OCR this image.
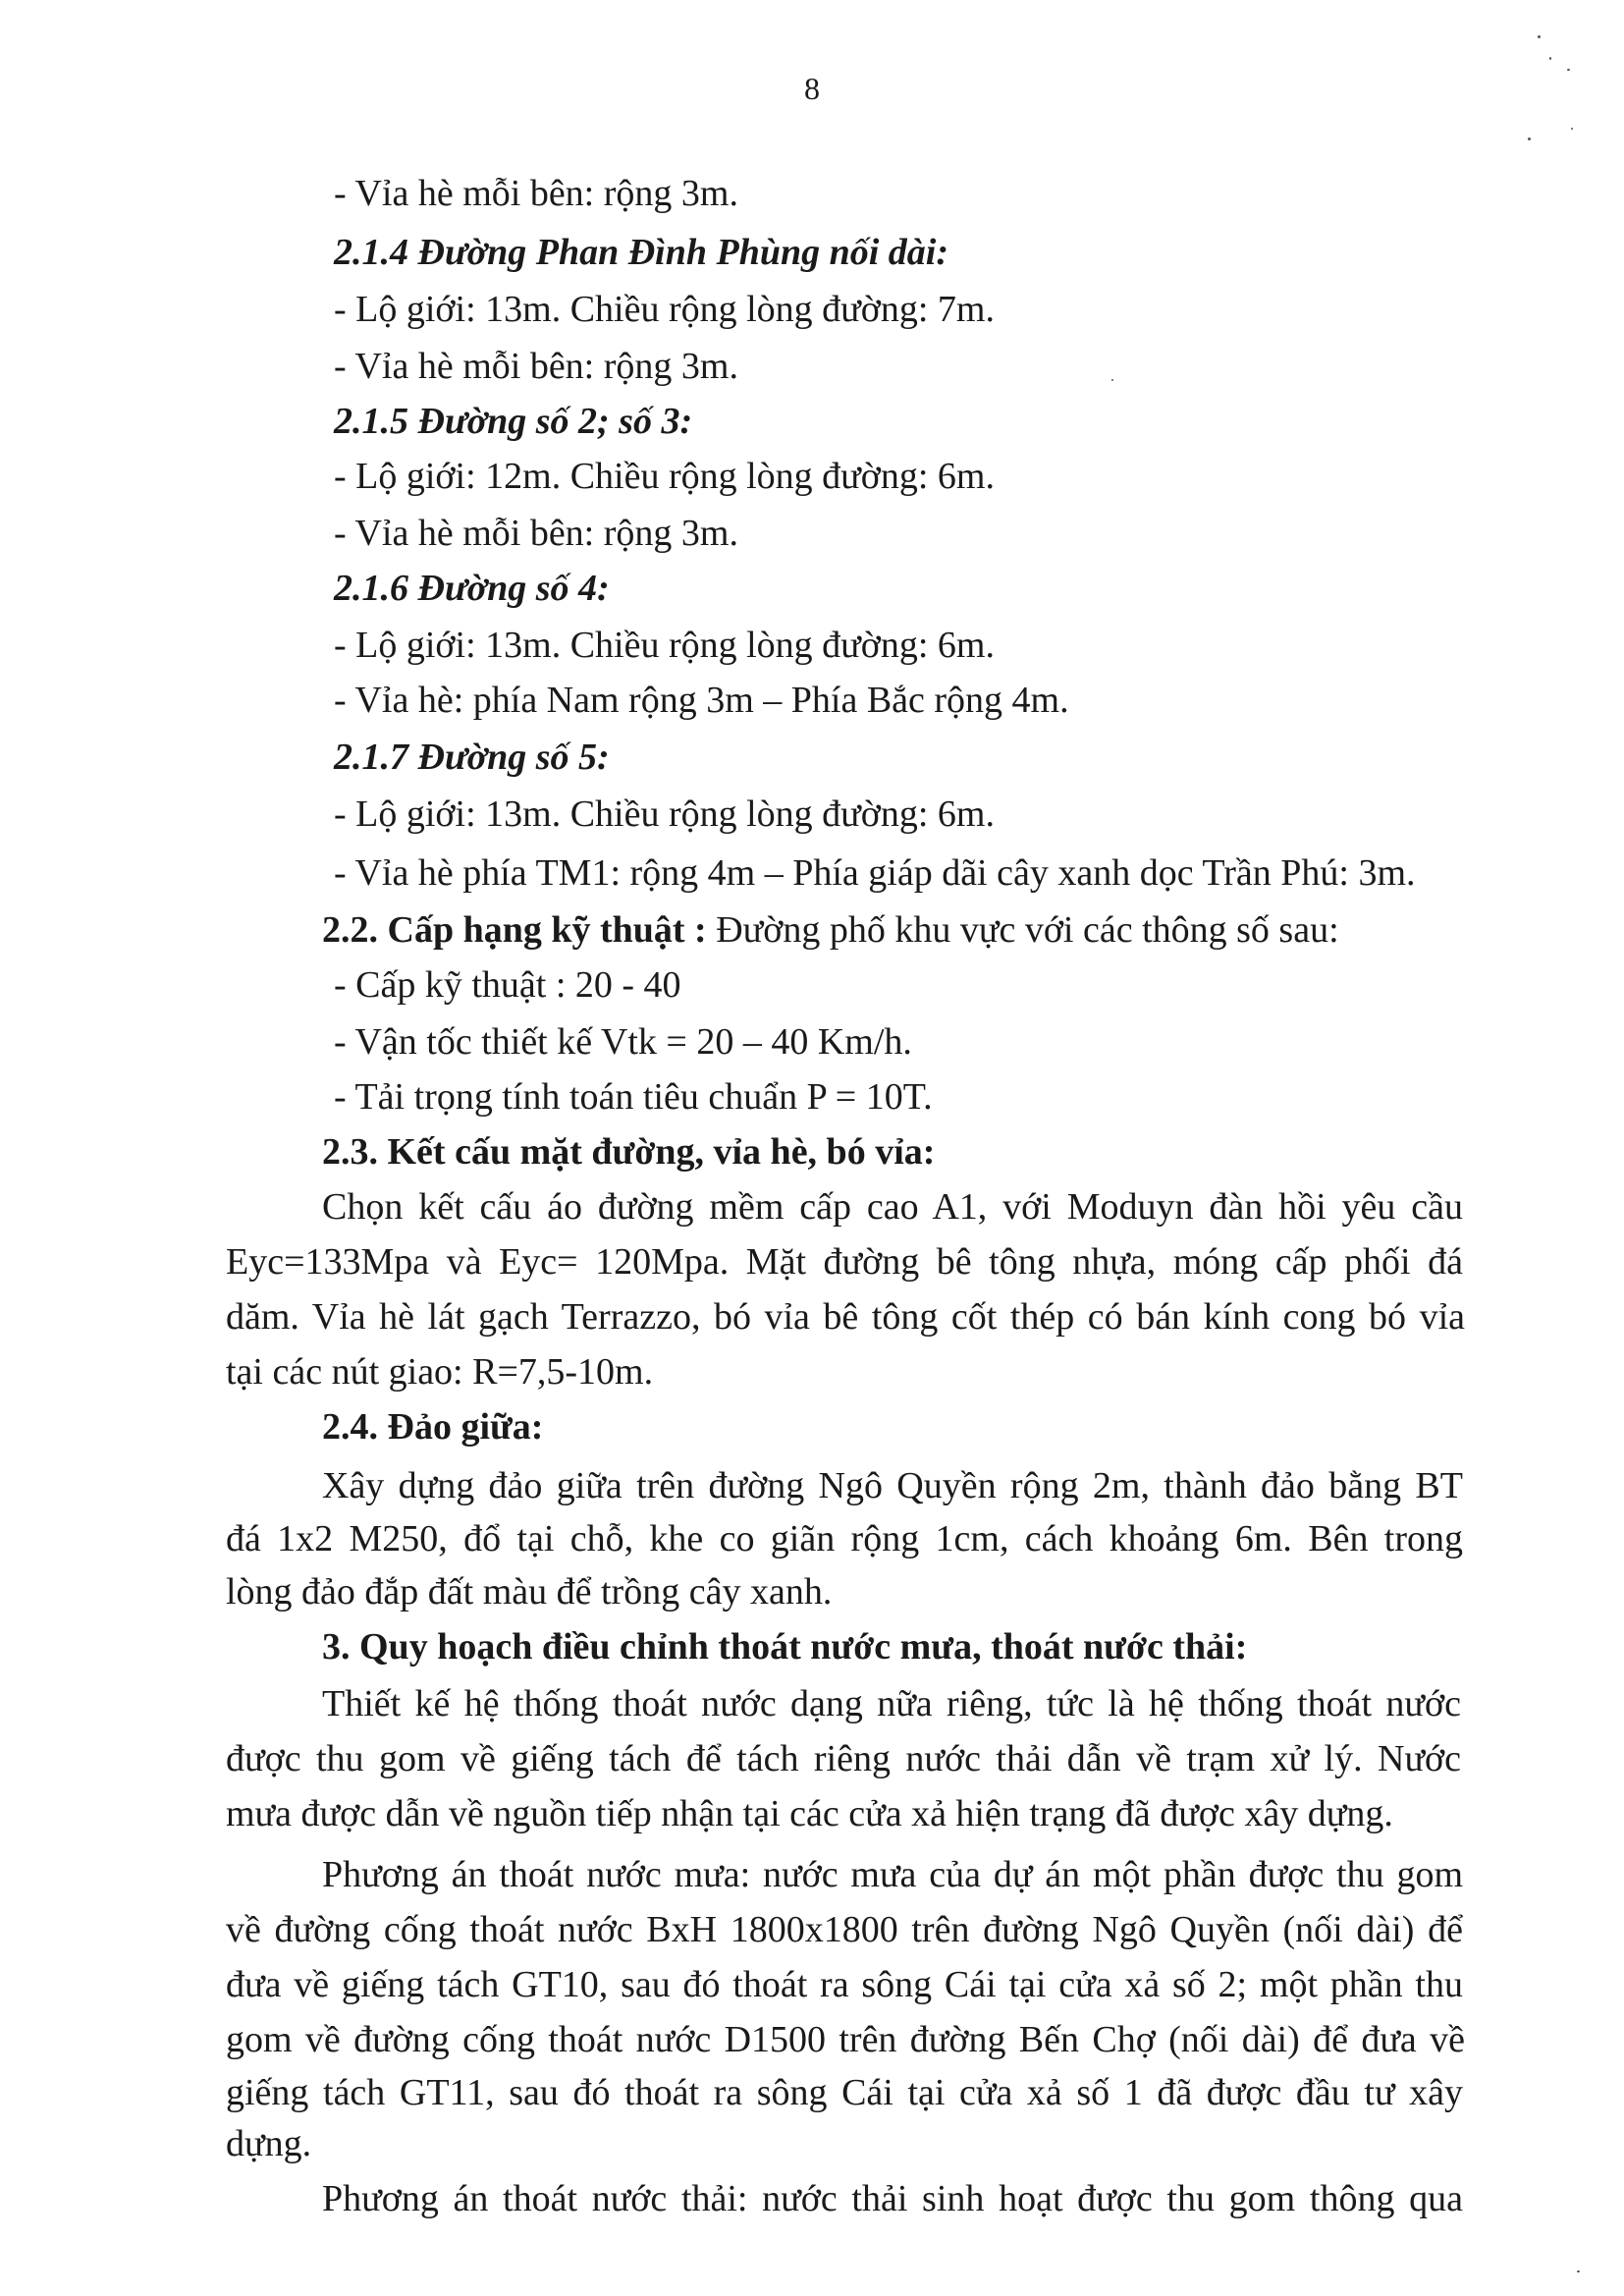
8
- Vỉa hè mỗi bên: rộng 3m.
2.1.4 Đường Phan Đình Phùng nối dài:
- Lộ giới: 13m. Chiều rộng lòng đường: 7m.
- Vỉa hè mỗi bên: rộng 3m.
2.1.5 Đường số 2; số 3:
- Lộ giới: 12m. Chiều rộng lòng đường: 6m.
- Vỉa hè mỗi bên: rộng 3m.
2.1.6 Đường số 4:
- Lộ giới: 13m. Chiều rộng lòng đường: 6m.
- Vỉa hè: phía Nam rộng 3m – Phía Bắc rộng 4m.
2.1.7 Đường số 5:
- Lộ giới: 13m. Chiều rộng lòng đường: 6m.
- Vỉa hè phía TM1: rộng 4m – Phía giáp dãi cây xanh dọc Trần Phú: 3m.
2.2. Cấp hạng kỹ thuật : Đường phố khu vực với các thông số sau:
- Cấp kỹ thuật : 20 - 40
- Vận tốc thiết kế Vtk = 20 – 40 Km/h.
- Tải trọng tính toán tiêu chuẩn P = 10T.
2.3. Kết cấu mặt đường, vỉa hè, bó vỉa:
Chọn kết cấu áo đường mềm cấp cao A1, với Moduyn đàn hồi yêu cầu
Eyc=133Mpa và Eyc= 120Mpa. Mặt đường bê tông nhựa, móng cấp phối đá
dăm. Vỉa hè lát gạch Terrazzo, bó vỉa bê tông cốt thép có bán kính cong bó vỉa
tại các nút giao: R=7,5-10m.
2.4. Đảo giữa:
Xây dựng đảo giữa trên đường Ngô Quyền rộng 2m, thành đảo bằng BT
đá 1x2 M250, đổ tại chỗ, khe co giãn rộng 1cm, cách khoảng 6m. Bên trong
lòng đảo đắp đất màu để trồng cây xanh.
3. Quy hoạch điều chỉnh thoát nước mưa, thoát nước thải:
Thiết kế hệ thống thoát nước dạng nữa riêng, tức là hệ thống thoát nước
được thu gom về giếng tách để tách riêng nước thải dẫn về trạm xử lý. Nước
mưa được dẫn về nguồn tiếp nhận tại các cửa xả hiện trạng đã được xây dựng.
Phương án thoát nước mưa: nước mưa của dự án một phần được thu gom
về đường cống thoát nước BxH 1800x1800 trên đường Ngô Quyền (nối dài) để
đưa về giếng tách GT10, sau đó thoát ra sông Cái tại cửa xả số 2; một phần thu
gom về đường cống thoát nước D1500 trên đường Bến Chợ (nối dài) để đưa về
giếng tách GT11, sau đó thoát ra sông Cái tại cửa xả số 1 đã được đầu tư xây
dựng.
Phương án thoát nước thải: nước thải sinh hoạt được thu gom thông qua
